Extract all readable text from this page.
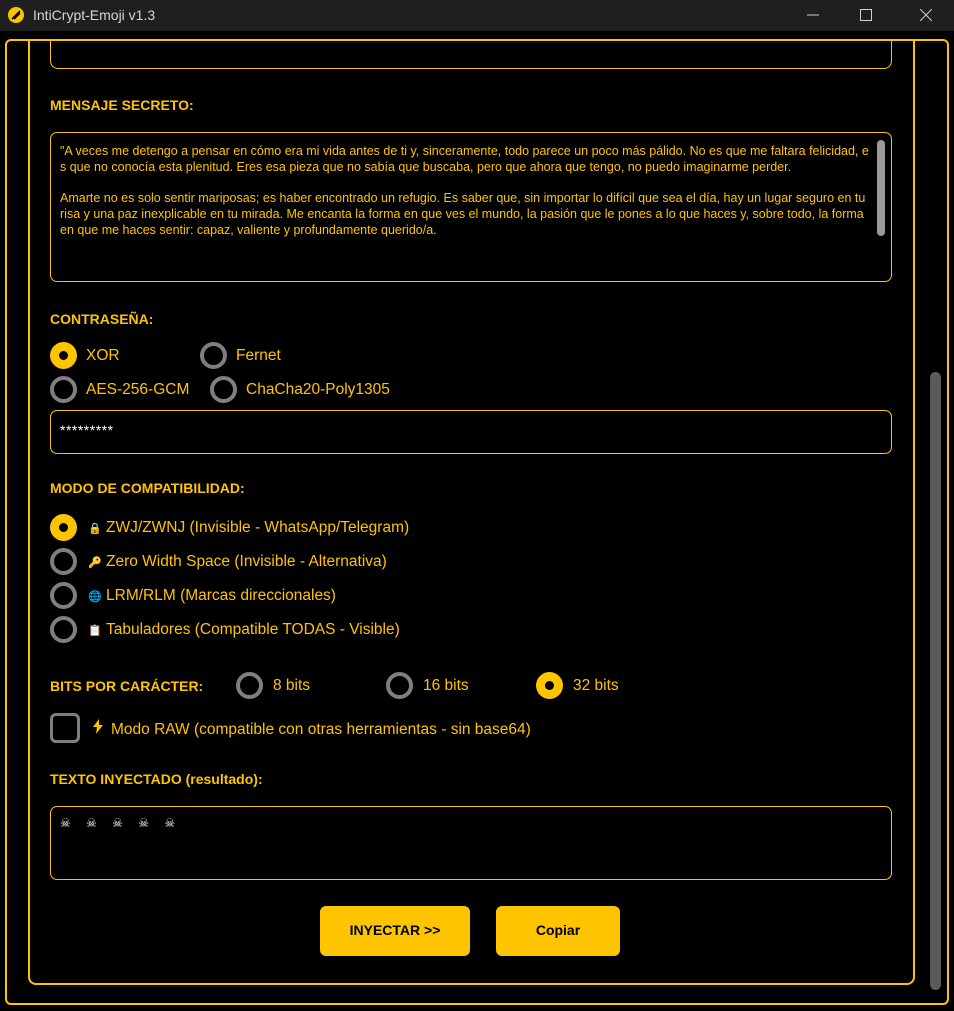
IntiCrypt-Emoji v1.3
MENSAJE SECRETO:
"A veces me detengo a pensar en cómo era mi vida antes de ti y, sinceramente, todo parece un poco más pálido. No es que me faltara felicidad, es que no conocía esta plenitud. Eres esa pieza que no sabía que buscaba, pero que ahora que tengo, no puedo imaginarme perder.

Amarte no es solo sentir mariposas; es haber encontrado un refugio. Es saber que, sin importar lo difícil que sea el día, hay un lugar seguro en tu risa y una paz inexplicable en tu mirada. Me encanta la forma en que ves el mundo, la pasión que le pones a lo que haces y, sobre todo, la forma en que me haces sentir: capaz, valiente y profundamente querido/a.
CONTRASEÑA:
XOR	Fernet
AES-256-GCM	ChaCha20-Poly1305
*********
MODO DE COMPATIBILIDAD:
🔒 ZWJ/ZWNJ (Invisible - WhatsApp/Telegram)
🔑 Zero Width Space (Invisible - Alternativa)
🌐 LRM/RLM (Marcas direccionales)
📋 Tabuladores (Compatible TODAS - Visible)
BITS POR CARÁCTER:	8 bits	16 bits	32 bits
Modo RAW (compatible con otras herramientas - sin base64)
TEXTO INYECTADO (resultado):
☠ ☠ ☠ ☠ ☠
INYECTAR >>	Copiar
